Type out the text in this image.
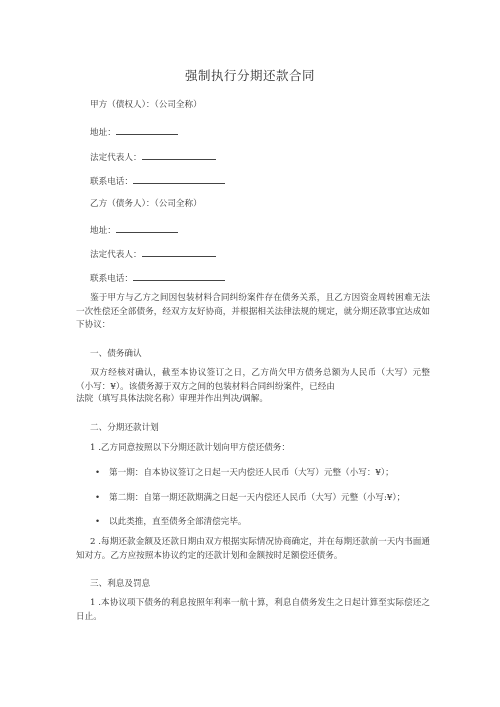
强制执行分期还款合同
甲方（债权人）：（公司全称）
地址：
法定代表人：
联系电话：
乙方（债务人）：（公司全称）
地址：
法定代表人：
联系电话：
鉴于甲方与乙方之间因包装材料合同纠纷案件存在债务关系，且乙方因资金周转困难无法一次性偿还全部债务，经双方友好协商，并根据相关法律法规的规定，就分期还款事宜达成如下协议：
一、债务确认
双方经核对确认，截至本协议签订之日，乙方尚欠甲方债务总额为人民币（大写）元整（小写：¥）。该债务源于双方之间的包装材料合同纠纷案件，已经由
法院（填写具体法院名称）审理并作出判决/调解。
二、分期还款计划
1 .乙方同意按照以下分期还款计划向甲方偿还债务：
• 第一期：自本协议签订之日起一天内偿还人民币（大写）元整（小写：¥）；
• 第二期：自第一期还款期满之日起一天内偿还人民币（大写）元整（小写:¥）；
• 以此类推，直至债务全部清偿完毕。
2 .每期还款金额及还款日期由双方根据实际情况协商确定，并在每期还款前一天内书面通知对方。乙方应按照本协议约定的还款计划和金额按时足额偿还债务。
三、利息及罚息
1 .本协议项下债务的利息按照年利率一航十算，利息自债务发生之日起计算至实际偿还之日止。
